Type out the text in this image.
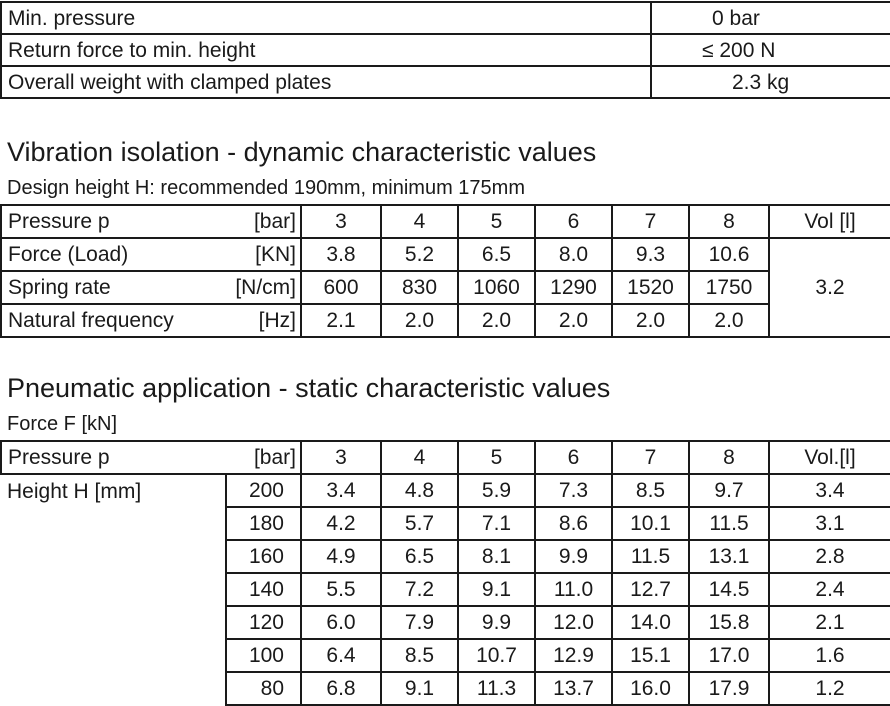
Min. pressure	0 bar
Return force to min. height	≤ 200 N
Overall weight with clamped plates	2.3 kg
Vibration isolation - dynamic characteristic values
Design height H: recommended 190mm, minimum 175mm
Pressure p	[bar]	3	4	5	6	7	8	Vol [l]
Force (Load)	[KN]	3.8	5.2	6.5	8.0	9.3	10.6	3.2
Spring rate	[N/cm]	600	830	1060	1290	1520	1750	
Natural frequency	[Hz]	2.1	2.0	2.0	2.0	2.0	2.0	
Pneumatic application - static characteristic values
Force F [kN]
Pressure p	[bar]	3	4	5	6	7	8	Vol.[l]
Height H [mm]	200	3.4	4.8	5.9	7.3	8.5	9.7	3.4
	180	4.2	5.7	7.1	8.6	10.1	11.5	3.1
	160	4.9	6.5	8.1	9.9	11.5	13.1	2.8
	140	5.5	7.2	9.1	11.0	12.7	14.5	2.4
	120	6.0	7.9	9.9	12.0	14.0	15.8	2.1
	100	6.4	8.5	10.7	12.9	15.1	17.0	1.6
	80	6.8	9.1	11.3	13.7	16.0	17.9	1.2
